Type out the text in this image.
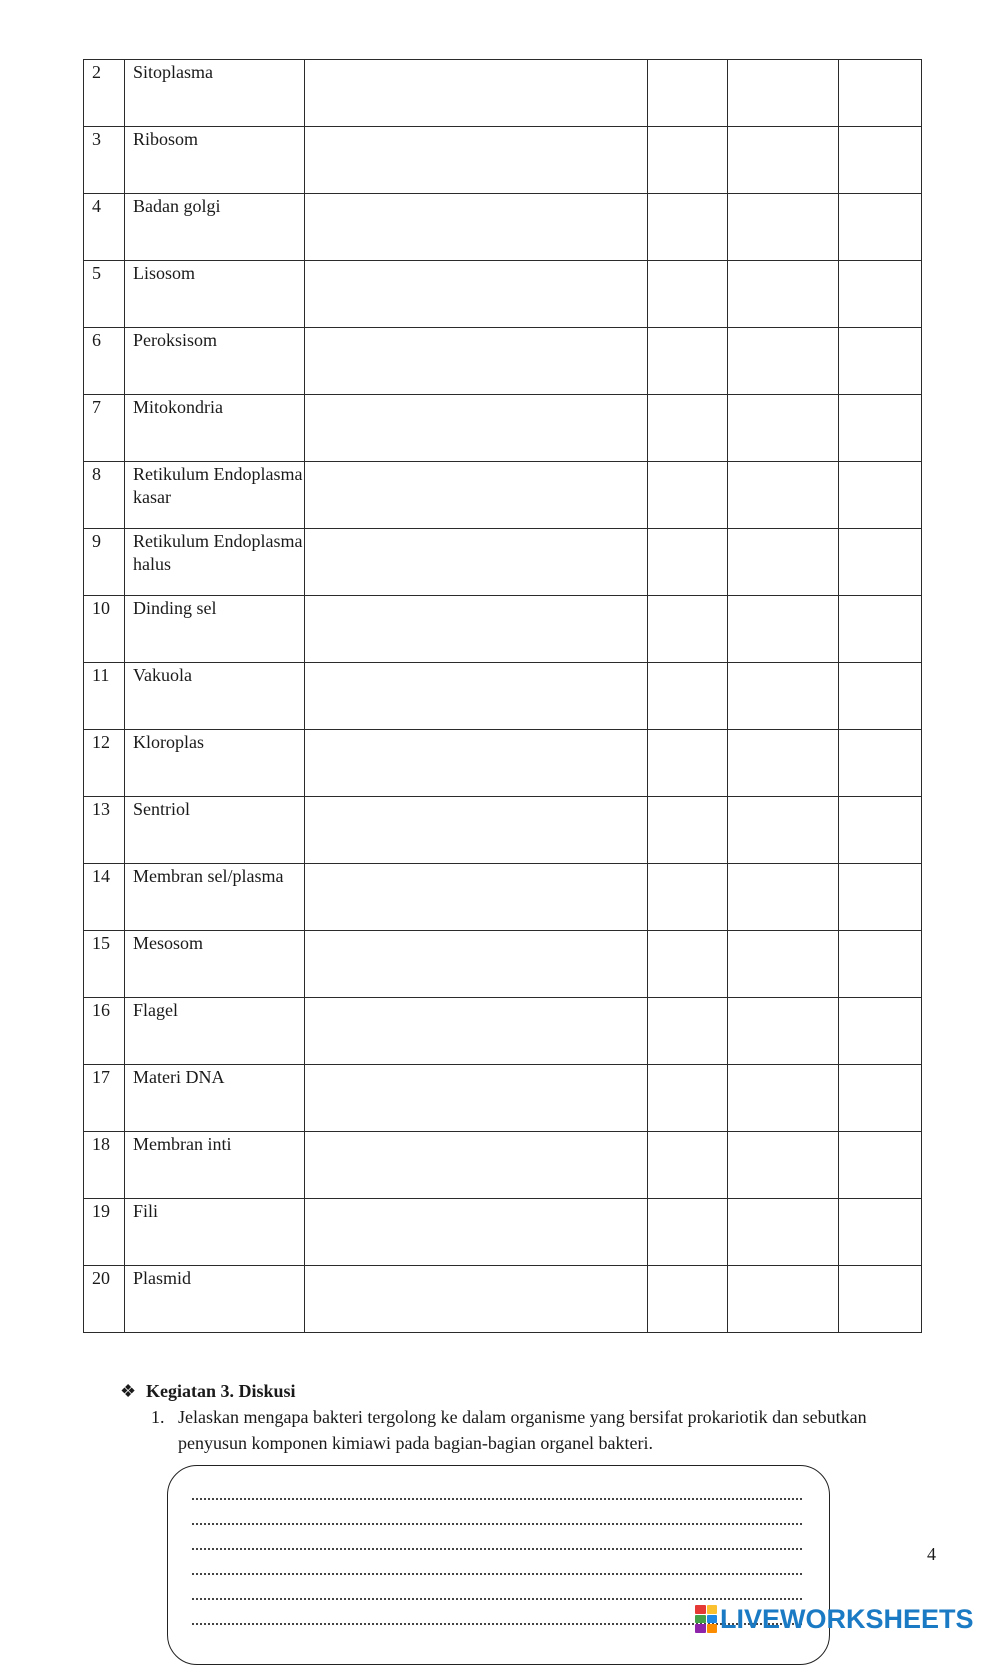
2	Sitoplasma				
3	Ribosom				
4	Badan golgi				
5	Lisosom				
6	Peroksisom				
7	Mitokondria				
8	Retikulum Endoplasma kasar				
9	Retikulum Endoplasma halus				
10	Dinding sel				
11	Vakuola				
12	Kloroplas				
13	Sentriol				
14	Membran sel/plasma				
15	Mesosom				
16	Flagel				
17	Materi DNA				
18	Membran inti				
19	Fili				
20	Plasmid				
❖ Kegiatan 3. Diskusi
1. Jelaskan mengapa bakteri tergolong ke dalam organisme yang bersifat prokariotik dan sebutkan penyusun komponen kimiawi pada bagian-bagian organel bakteri.
4
LIVEWORKSHEETS
